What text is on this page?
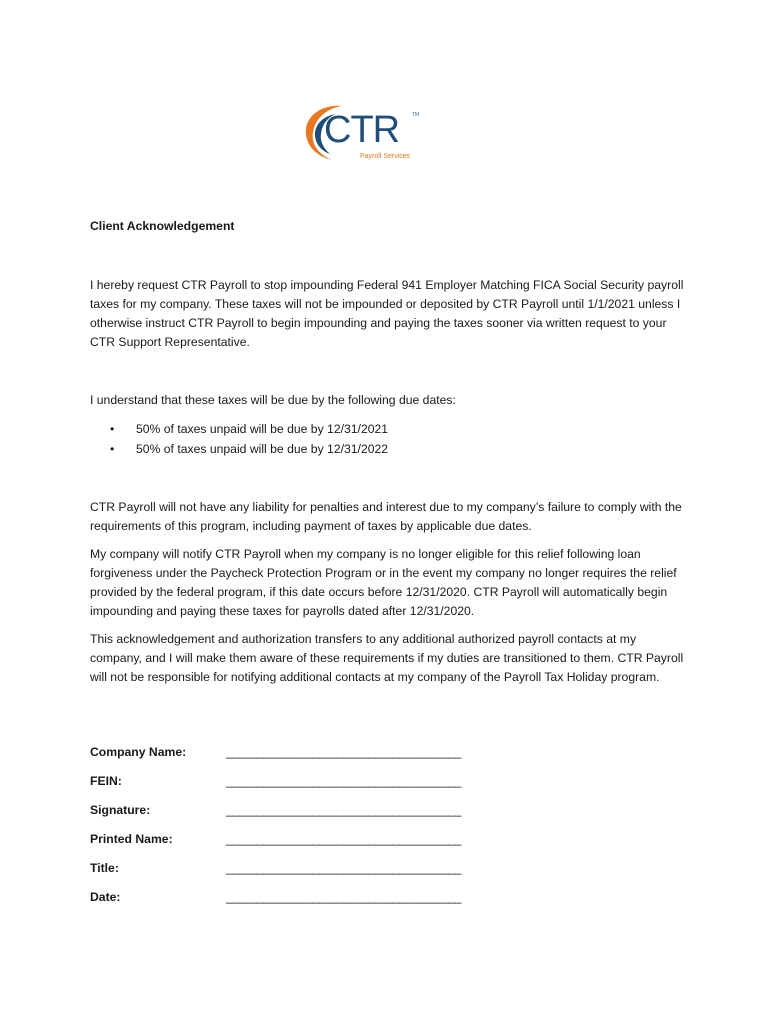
CTR	TM
Payroll Services
Client Acknowledgement

I hereby request CTR Payroll to stop impounding Federal 941 Employer Matching FICA Social Security payroll taxes for my company. These taxes will not be impounded or deposited by CTR Payroll until 1/1/2021 unless I otherwise instruct CTR Payroll to begin impounding and paying the taxes sooner via written request to your CTR Support Representative.

I understand that these taxes will be due by the following due dates:

• 50% of taxes unpaid will be due by 12/31/2021
• 50% of taxes unpaid will be due by 12/31/2022

CTR Payroll will not have any liability for penalties and interest due to my company’s failure to comply with the requirements of this program, including payment of taxes by applicable due dates.

My company will notify CTR Payroll when my company is no longer eligible for this relief following loan forgiveness under the Paycheck Protection Program or in the event my company no longer requires the relief provided by the federal program, if this date occurs before 12/31/2020. CTR Payroll will automatically begin impounding and paying these taxes for payrolls dated after 12/31/2020.

This acknowledgement and authorization transfers to any additional authorized payroll contacts at my company, and I will make them aware of these requirements if my duties are transitioned to them. CTR Payroll will not be responsible for notifying additional contacts at my company of the Payroll Tax Holiday program.

Company Name:	______________________________________
FEIN:	______________________________________
Signature:	______________________________________
Printed Name:	______________________________________
Title:	______________________________________
Date:	______________________________________
